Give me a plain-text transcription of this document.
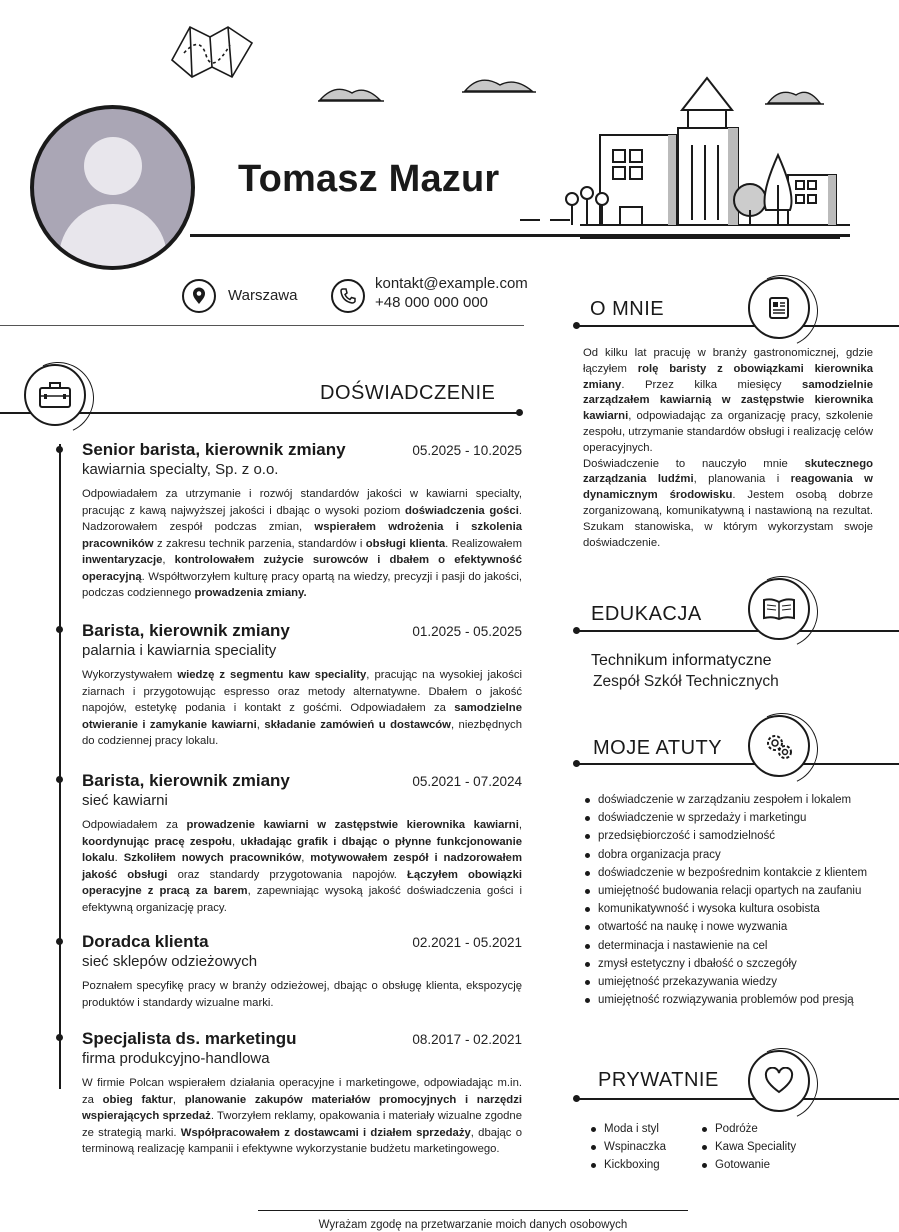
Tomasz Mazur
Warszawa
kontakt@example.com
+48 000 000 000
DOŚWIADCZENIE
Senior barista, kierownik zmiany	05.2025 - 10.2025
kawiarnia specialty, Sp. z o.o.
Odpowiadałem za utrzymanie i rozwój standardów jakości w kawiarni specialty, pracując z kawą najwyższej jakości i dbając o wysoki poziom doświadczenia gości. Nadzorowałem zespół podczas zmian, wspierałem wdrożenia i szkolenia pracowników z zakresu technik parzenia, standardów i obsługi klienta. Realizowałem inwentaryzacje, kontrolowałem zużycie surowców i dbałem o efektywność operacyjną. Współtworzyłem kulturę pracy opartą na wiedzy, precyzji i pasji do jakości, podczas codziennego prowadzenia zmiany.
Barista, kierownik zmiany	01.2025 - 05.2025
palarnia i kawiarnia speciality
Wykorzystywałem wiedzę z segmentu kaw speciality, pracując na wysokiej jakości ziarnach i przygotowując espresso oraz metody alternatywne. Dbałem o jakość napojów, estetykę podania i kontakt z gośćmi. Odpowiadałem za samodzielne otwieranie i zamykanie kawiarni, składanie zamówień u dostawców, niezbędnych do codziennej pracy lokalu.
Barista, kierownik zmiany	05.2021 - 07.2024
sieć kawiarni
Odpowiadałem za prowadzenie kawiarni w zastępstwie kierownika kawiarni, koordynując pracę zespołu, układając grafik i dbając o płynne funkcjonowanie lokalu. Szkoliłem nowych pracowników, motywowałem zespół i nadzorowałem jakość obsługi oraz standardy przygotowania napojów. Łączyłem obowiązki operacyjne z pracą za barem, zapewniając wysoką jakość doświadczenia gości i efektywną organizację pracy.
Doradca klienta	02.2021 - 05.2021
sieć sklepów odzieżowych
Poznałem specyfikę pracy w branży odzieżowej, dbając o obsługę klienta, ekspozycję produktów i standardy wizualne marki.
Specjalista ds. marketingu	08.2017 - 02.2021
firma produkcyjno-handlowa
W firmie Polcan wspierałem działania operacyjne i marketingowe, odpowiadając m.in. za obieg faktur, planowanie zakupów materiałów promocyjnych i narzędzi wspierających sprzedaż. Tworzyłem reklamy, opakowania i materiały wizualne zgodne ze strategią marki. Współpracowałem z dostawcami i działem sprzedaży, dbając o terminową realizację kampanii i efektywne wykorzystanie budżetu marketingowego.
O MNIE
Od kilku lat pracuję w branży gastronomicznej, gdzie łączyłem rolę baristy z obowiązkami kierownika zmiany. Przez kilka miesięcy samodzielnie zarządzałem kawiarnią w zastępstwie kierownika kawiarni, odpowiadając za organizację pracy, szkolenie zespołu, utrzymanie standardów obsługi i realizację celów operacyjnych.
Doświadczenie to nauczyło mnie skutecznego zarządzania ludźmi, planowania i reagowania w dynamicznym środowisku. Jestem osobą dobrze zorganizowaną, komunikatywną i nastawioną na rezultat. Szukam stanowiska, w którym wykorzystam swoje doświadczenie.
EDUKACJA
Technikum informatyczne
Zespół Szkół Technicznych
MOJE ATUTY
doświadczenie w zarządzaniu zespołem i lokalem
doświadczenie w sprzedaży i marketingu
przedsiębiorczość i samodzielność
dobra organizacja pracy
doświadczenie w bezpośrednim kontakcie z klientem
umiejętność budowania relacji opartych na zaufaniu
komunikatywność i wysoka kultura osobista
otwartość na naukę i nowe wyzwania
determinacja i nastawienie na cel
zmysł estetyczny i dbałość o szczegóły
umiejętność przekazywania wiedzy
umiejętność rozwiązywania problemów pod presją
PRYWATNIE
Moda i styl
Wspinaczka
Kickboxing
Podróże
Kawa Speciality
Gotowanie
Wyrażam zgodę na przetwarzanie moich danych osobowych
